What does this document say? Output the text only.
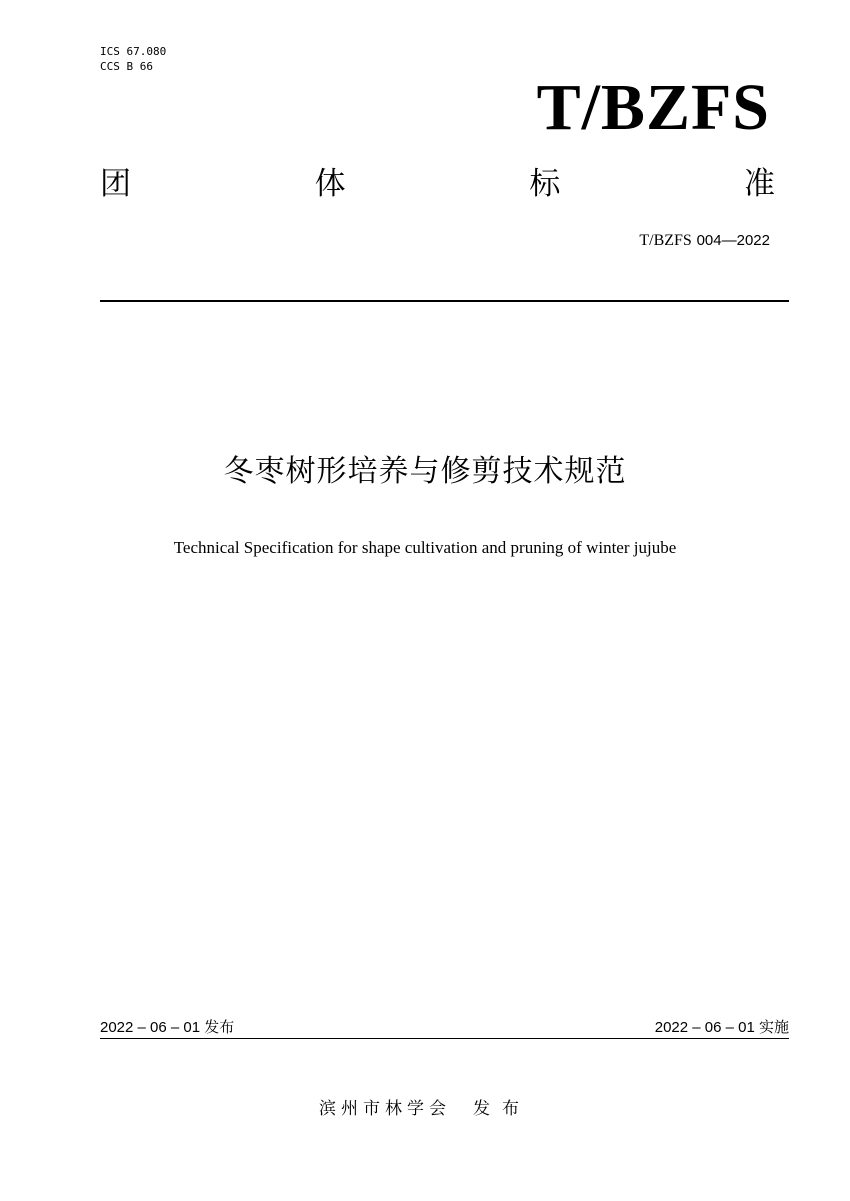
ICS 67.080
CCS B 66
T/BZFS
团	体	标	准
T/BZFS 004—2022
冬枣树形培养与修剪技术规范
Technical Specification for shape cultivation and pruning of winter jujube
2022 – 06 – 01 发布	2022 – 06 – 01 实施
滨州市林学会 发布
